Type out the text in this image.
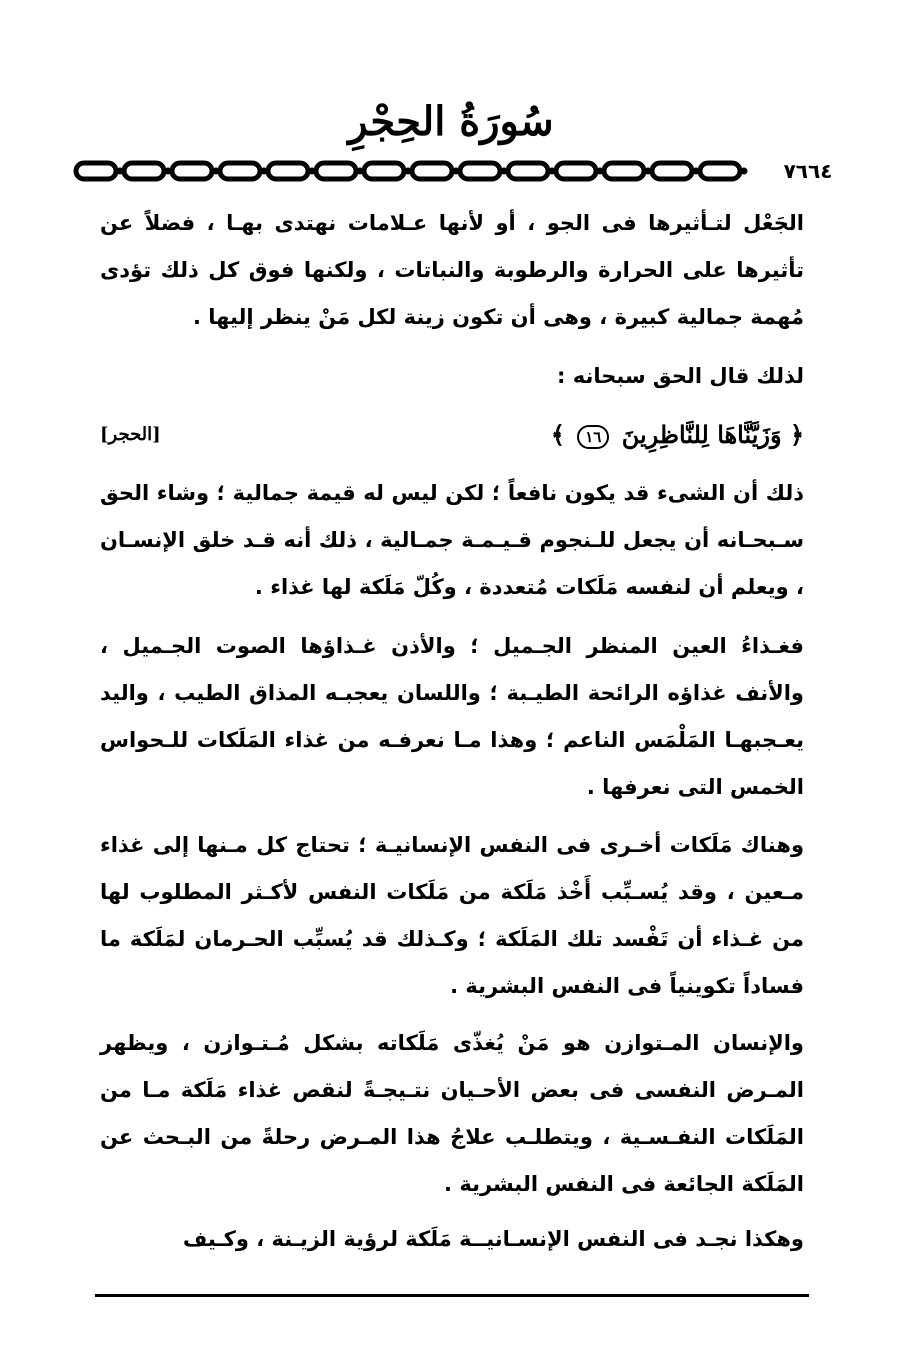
سُورَةُ الحِجْرِ
٧٦٦٤
الجَعْل لتـأثيرها فى الجو ، أو لأنها عـلامات نهتدى بهـا ، فضلاً عن تأثيرها على الحرارة والرطوبة والنباتات ، ولكنها فوق كل ذلك تؤدى مُهمة جمالية كبيرة ، وهى أن تكون زينة لكل مَنْ ينظر إليها .
لذلك قال الحق سبحانه :
﴿ وَزَيَّنَّاهَا لِلنَّاظِرِينَ ١٦ ﴾
[الحجر]
ذلك أن الشىء قد يكون نافعاً ؛ لكن ليس له قيمة جمالية ؛ وشاء الحق سـبحـانه أن يجعل للـنجوم قـيـمـة جمـالية ، ذلك أنه قـد خلق الإنسـان ، ويعلم أن لنفسه مَلَكات مُتعددة ، وكُلّ مَلَكة لها غذاء .
فغـذاءُ العين المنظر الجـميل ؛ والأذن غـذاؤها الصوت الجـميل ، والأنف غذاؤه الرائحة الطيـبة ؛ واللسان يعجبـه المذاق الطيب ، واليد يعـجبهـا المَلْمَس الناعم ؛ وهذا مـا نعرفـه من غذاء المَلَكات للـحواس الخمس التى نعرفها .
وهناك مَلَكات أخـرى فى النفس الإنسانيـة ؛ تحتاج كل مـنها إلى غذاء مـعين ، وقد يُسـبِّب أَخْذ مَلَكة من مَلَكات النفس لأكـثر المطلوب لها من غـذاء أن تَفْسد تلك المَلَكة ؛ وكـذلك قد يُسبِّب الحـرمان لمَلَكة ما فساداً تكوينياً فى النفس البشرية .
والإنسان المـتوازن هو مَنْ يُغذّى مَلَكاته بشكل مُـتـوازن ، ويظهر المـرض النفسى فى بعض الأحـيان نتـيجـةً لنقص غذاء مَلَكة مـا من المَلَكات النفـسـية ، ويتطلـب علاجُ هذا المـرض رحلةً من البـحث عن المَلَكة الجائعة فى النفس البشرية .
وهكذا نجـد فى النفس الإنسـانيــة مَلَكة لرؤية الزيـنة ، وكـيف
